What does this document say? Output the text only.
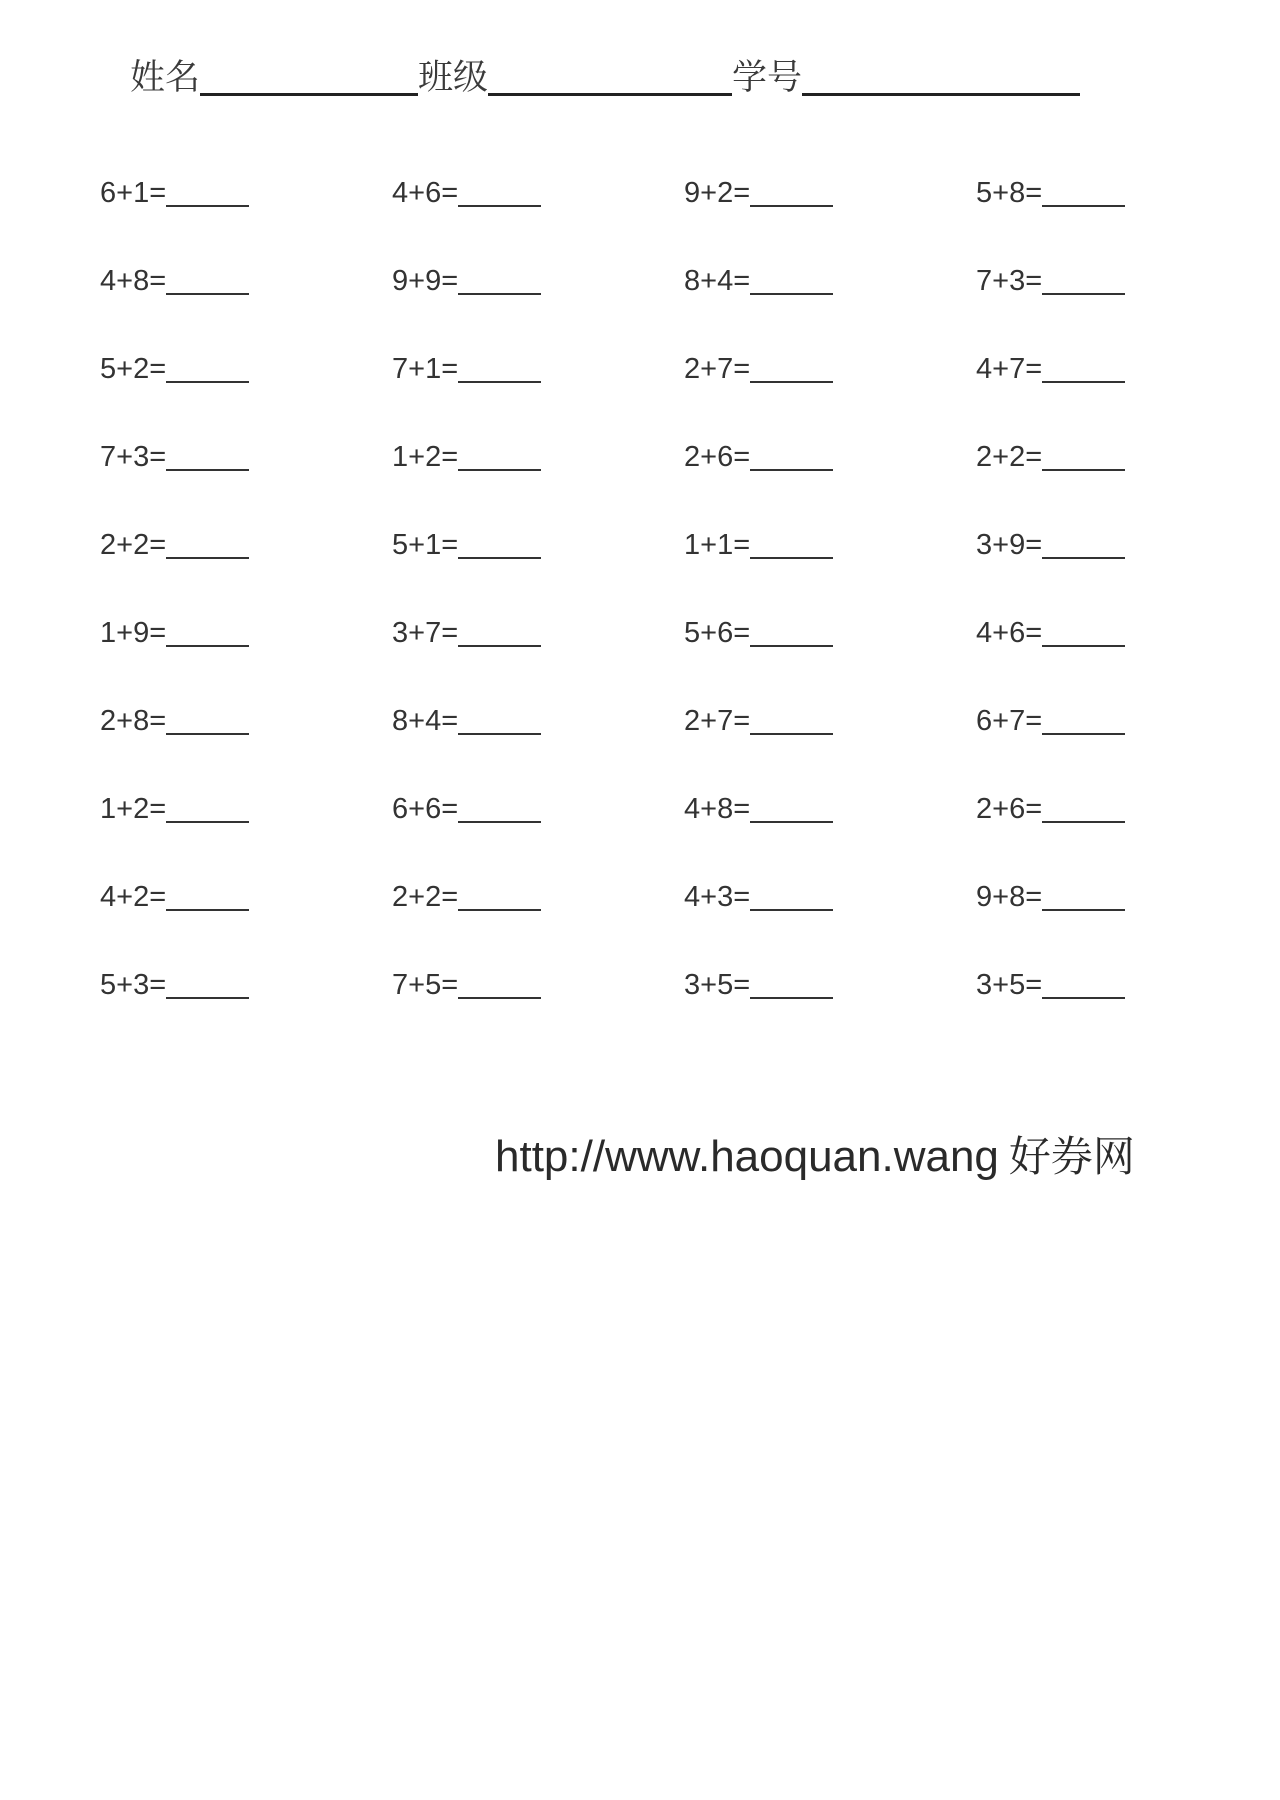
姓名	班级	学号
6+1=	4+6=	9+2=	5+8=
4+8=	9+9=	8+4=	7+3=
5+2=	7+1=	2+7=	4+7=
7+3=	1+2=	2+6=	2+2=
2+2=	5+1=	1+1=	3+9=
1+9=	3+7=	5+6=	4+6=
2+8=	8+4=	2+7=	6+7=
1+2=	6+6=	4+8=	2+6=
4+2=	2+2=	4+3=	9+8=
5+3=	7+5=	3+5=	3+5=
http://www.haoquan.wang 好券网
